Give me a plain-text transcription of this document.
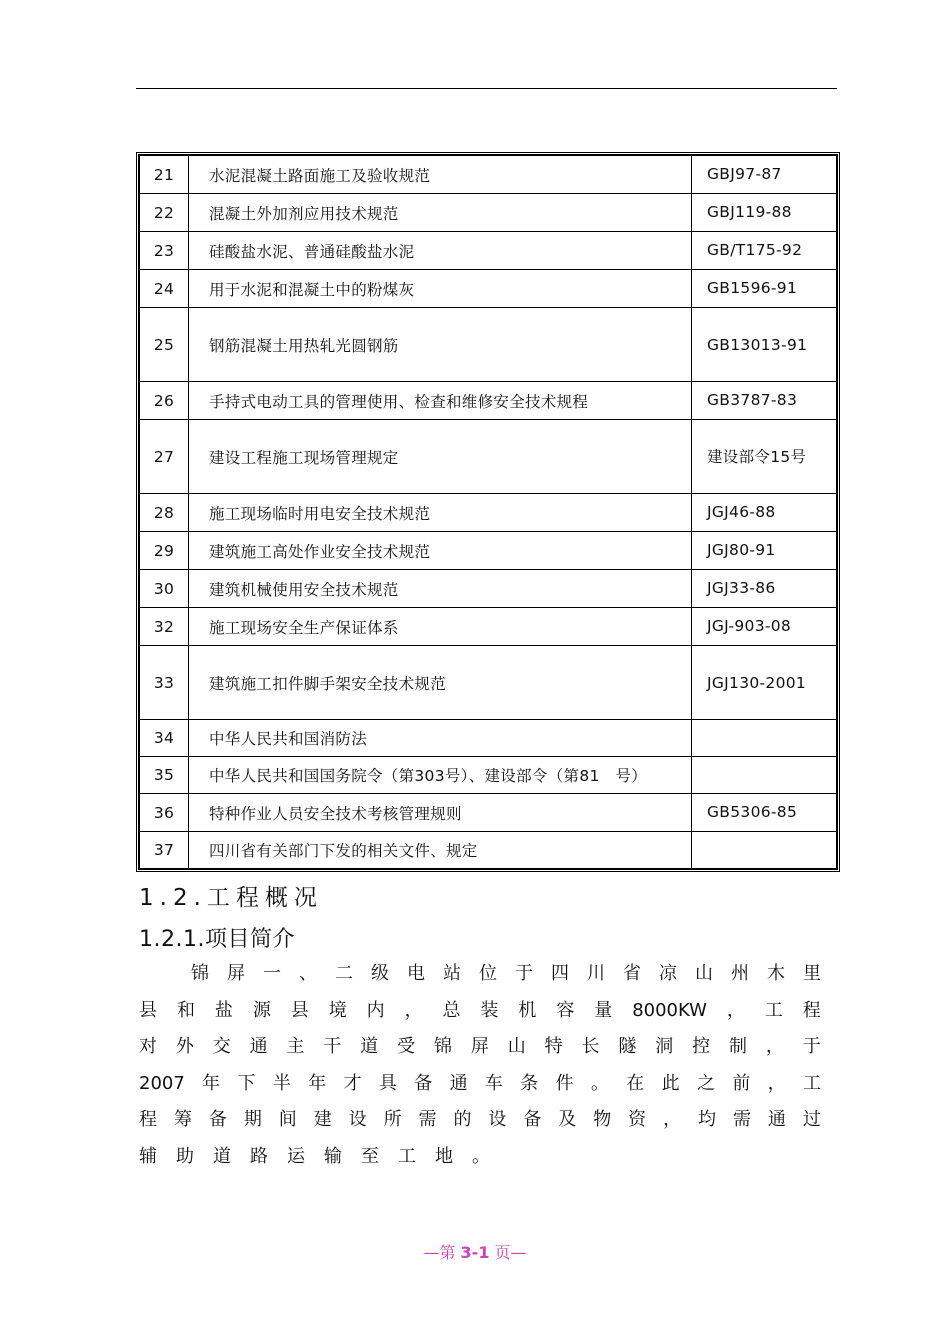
21	水泥混凝土路面施工及验收规范	GBJ97-87
22	混凝土外加剂应用技术规范	GBJ119-88
23	硅酸盐水泥、普通硅酸盐水泥	GB/T175-92
24	用于水泥和混凝土中的粉煤灰	GB1596-91
25	钢筋混凝土用热轧光圆钢筋	GB13013-91
26	手持式电动工具的管理使用、检查和维修安全技术规程	GB3787-83
27	建设工程施工现场管理规定	建设部令15号
28	施工现场临时用电安全技术规范	JGJ46-88
29	建筑施工高处作业安全技术规范	JGJ80-91
30	建筑机械使用安全技术规范	JGJ33-86
32	施工现场安全生产保证体系	JGJ-903-08
33	建筑施工扣件脚手架安全技术规范	JGJ130-2001
34	中华人民共和国消防法	
35	中华人民共和国国务院令（第303号）、建设部令（第81　号）	
36	特种作业人员安全技术考核管理规则	GB5306-85
37	四川省有关部门下发的相关文件、规定	
1.2.工程概况
1.2.1.项目简介
锦 屏 一 、 二 级 电 站 位 于 四 川 省 凉 山 州 木 里
县 和 盐 源 县 境 内 ， 总 装 机 容 量 8000KW ， 工 程
对 外 交 通 主 干 道 受 锦 屏 山 特 长 隧 洞 控 制 ， 于
2007 年 下 半 年 才 具 备 通 车 条 件 。 在 此 之 前 ， 工
程 筹 备 期 间 建 设 所 需 的 设 备 及 物 资 ， 均 需 通 过
辅 助 道 路 运 输 至 工 地 。
—第 3-1 页—
